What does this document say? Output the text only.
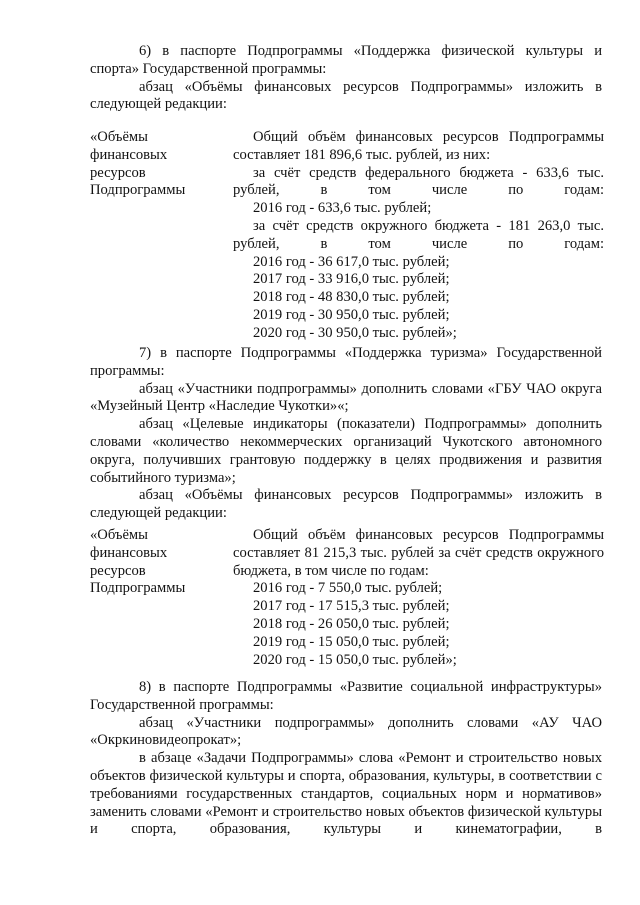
6) в паспорте Подпрограммы «Поддержка физической культуры и спорта» Государственной программы:

абзац «Объёмы финансовых ресурсов Подпрограммы» изложить в следующей редакции:

«Объёмы
финансовых
ресурсов
Подпрограммы

Общий объём финансовых ресурсов Подпрограммы составляет 181 896,6 тыс. рублей, из них:

за счёт средств федерального бюджета - 633,6 тыс. рублей, в том числе по годам:

2016 год - 633,6 тыс. рублей;

за счёт средств окружного бюджета - 181 263,0 тыс. рублей, в том числе по годам:

2016 год - 36 617,0 тыс. рублей;
2017 год - 33 916,0 тыс. рублей;
2018 год - 48 830,0 тыс. рублей;
2019 год - 30 950,0 тыс. рублей;
2020 год - 30 950,0 тыс. рублей»;

7) в паспорте Подпрограммы «Поддержка туризма» Государственной программы:

абзац «Участники подпрограммы» дополнить словами «ГБУ ЧАО округа «Музейный Центр «Наследие Чукотки»«;

абзац «Целевые индикаторы (показатели) Подпрограммы» дополнить словами «количество некоммерческих организаций Чукотского автономного округа, получивших грантовую поддержку в целях продвижения и развития событийного туризма»;

абзац «Объёмы финансовых ресурсов Подпрограммы» изложить в следующей редакции:

«Объёмы
финансовых
ресурсов
Подпрограммы

Общий объём финансовых ресурсов Подпрограммы составляет 81 215,3 тыс. рублей за счёт средств окружного бюджета, в том числе по годам:

2016 год - 7 550,0 тыс. рублей;
2017 год - 17 515,3 тыс. рублей;
2018 год - 26 050,0 тыс. рублей;
2019 год - 15 050,0 тыс. рублей;
2020 год - 15 050,0 тыс. рублей»;

8) в паспорте Подпрограммы «Развитие социальной инфраструктуры» Государственной программы:

абзац «Участники подпрограммы» дополнить словами «АУ ЧАО «Окркиновидеопрокат»;

в абзаце «Задачи Подпрограммы» слова «Ремонт и строительство новых объектов физической культуры и спорта, образования, культуры, в соответствии с требованиями государственных стандартов, социальных норм и нормативов» заменить словами «Ремонт и строительство новых объектов физической культуры и спорта, образования, культуры и кинематографии, в
